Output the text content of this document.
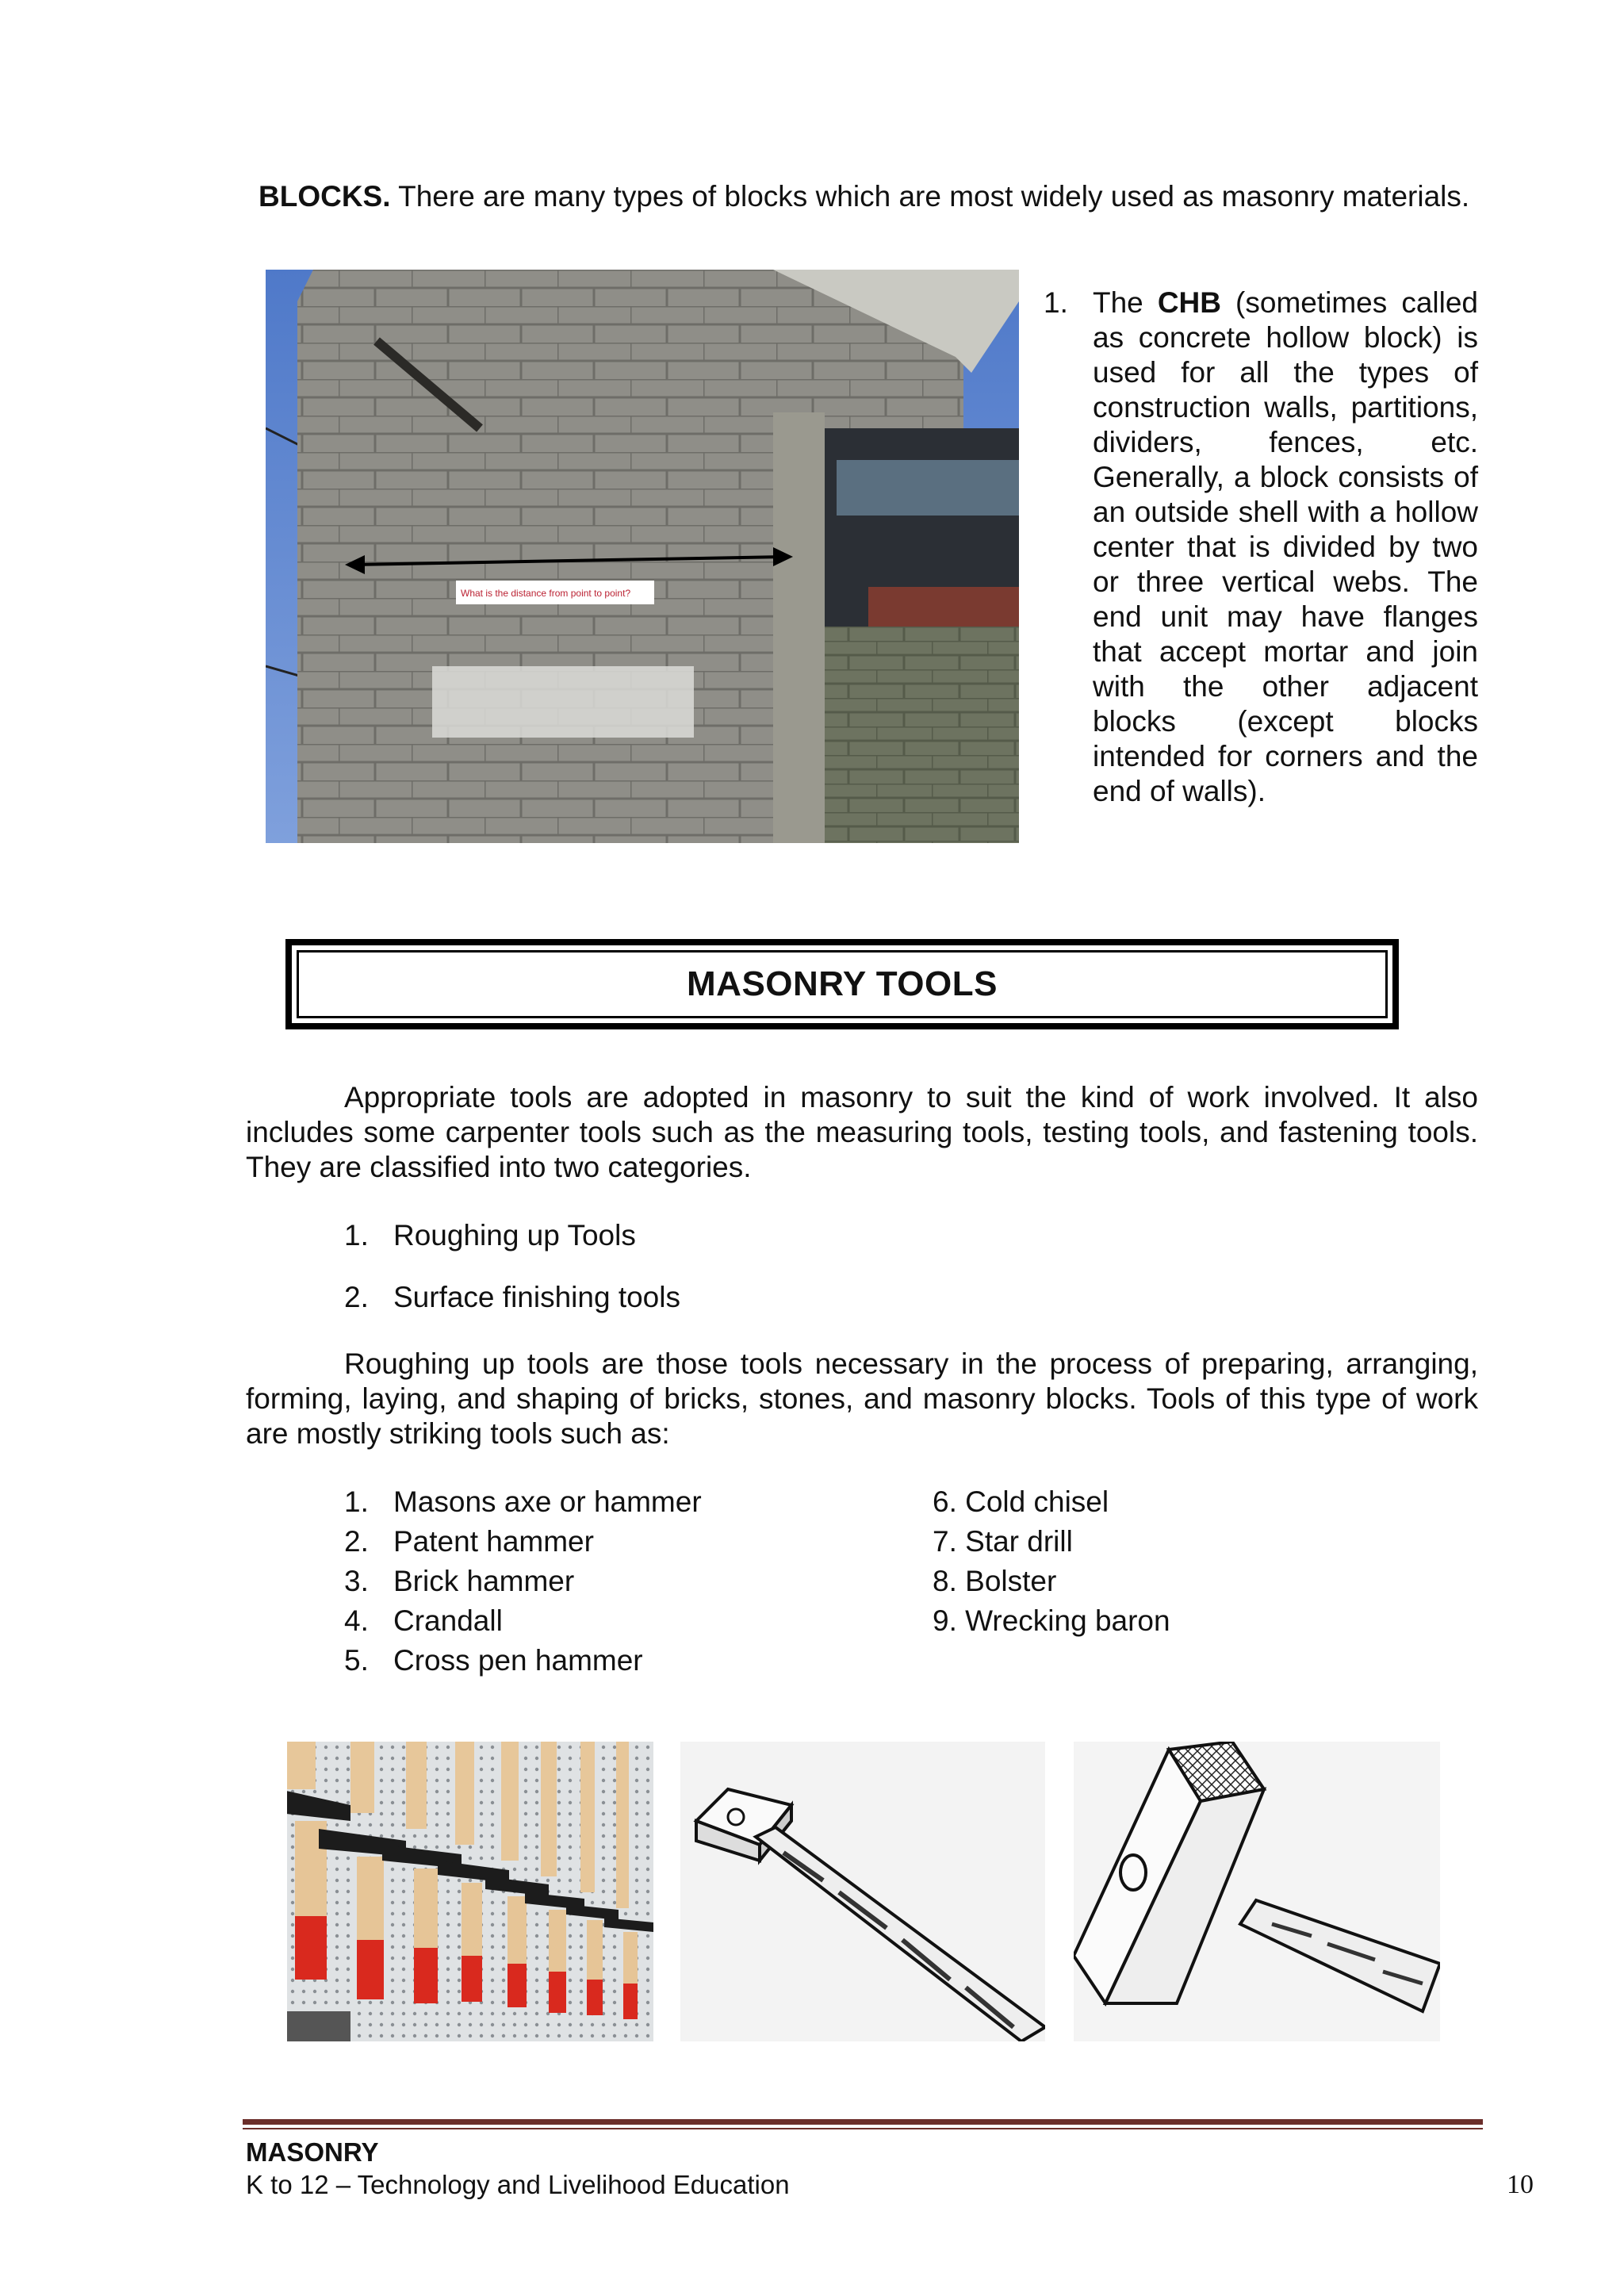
BLOCKS. There are many types of blocks which are most widely used as masonry materials.
What is the distance from point to point?
1. The CHB (sometimes called as concrete hollow block) is used for all the types of construction walls, partitions, dividers, fences, etc. Generally, a block consists of an outside shell with a hollow center that is divided by two or three vertical webs. The end unit may have flanges that accept mortar and join with the other adjacent blocks (except blocks intended for corners and the end of walls).
MASONRY TOOLS
Appropriate tools are adopted in masonry to suit the kind of work involved. It also includes some carpenter tools such as the measuring tools, testing tools, and fastening tools. They are classified into two categories.
1. Roughing up Tools
2. Surface finishing tools
Roughing up tools are those tools necessary in the process of preparing, arranging, forming, laying, and shaping of bricks, stones, and masonry blocks. Tools of this type of work are mostly striking tools such as:
1. Masons axe or hammer
2. Patent hammer
3. Brick hammer
4. Crandall
5. Cross pen hammer
6. Cold chisel
7. Star drill
8. Bolster
9. Wrecking baron
MASONRY
K to 12 – Technology and Livelihood Education	10
